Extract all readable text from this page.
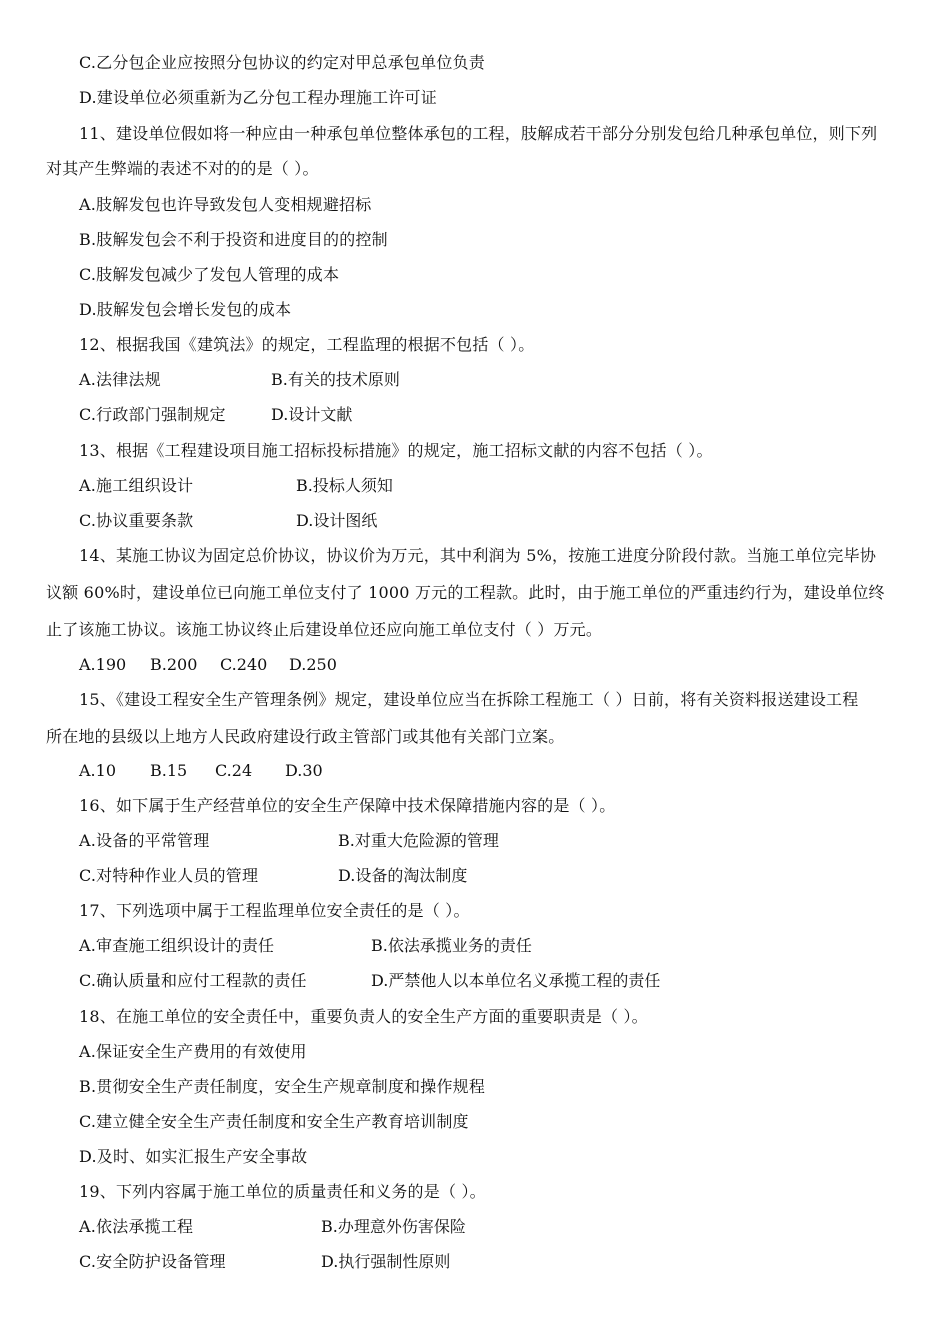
C.乙分包企业应按照分包协议的约定对甲总承包单位负责
D.建设单位必须重新为乙分包工程办理施工许可证
11、建设单位假如将一种应由一种承包单位整体承包的工程，肢解成若干部分分别发包给几种承包单位，则下列
对其产生弊端的表述不对的的是（ ）。
A.肢解发包也许导致发包人变相规避招标
B.肢解发包会不利于投资和进度目的的控制
C.肢解发包减少了发包人管理的成本
D.肢解发包会增长发包的成本
12、根据我国《建筑法》的规定，工程监理的根据不包括（ ）。
A.法律法规	B.有关的技术原则
C.行政部门强制规定	D.设计文献
13、根据《工程建设项目施工招标投标措施》的规定，施工招标文献的内容不包括（ ）。
A.施工组织设计	B.投标人须知
C.协议重要条款	D.设计图纸
14、某施工协议为固定总价协议，协议价为万元，其中利润为 5%，按施工进度分阶段付款。当施工单位完毕协
议额 60%时，建设单位已向施工单位支付了 1000 万元的工程款。此时，由于施工单位的严重违约行为，建设单位终
止了该施工协议。该施工协议终止后建设单位还应向施工单位支付（ ）万元。
A.190 B.200 C.240 D.250
15、《建设工程安全生产管理条例》规定，建设单位应当在拆除工程施工（ ）日前，将有关资料报送建设工程
所在地的县级以上地方人民政府建设行政主管部门或其他有关部门立案。
A.10 B.15 C.24 D.30
16、如下属于生产经营单位的安全生产保障中技术保障措施内容的是（ ）。
A.设备的平常管理	B.对重大危险源的管理
C.对特种作业人员的管理	D.设备的淘汰制度
17、下列选项中属于工程监理单位安全责任的是（ ）。
A.审查施工组织设计的责任	B.依法承揽业务的责任
C.确认质量和应付工程款的责任	D.严禁他人以本单位名义承揽工程的责任
18、在施工单位的安全责任中，重要负责人的安全生产方面的重要职责是（ ）。
A.保证安全生产费用的有效使用
B.贯彻安全生产责任制度，安全生产规章制度和操作规程
C.建立健全安全生产责任制度和安全生产教育培训制度
D.及时、如实汇报生产安全事故
19、下列内容属于施工单位的质量责任和义务的是（ ）。
A.依法承揽工程	B.办理意外伤害保险
C.安全防护设备管理	D.执行强制性原则
